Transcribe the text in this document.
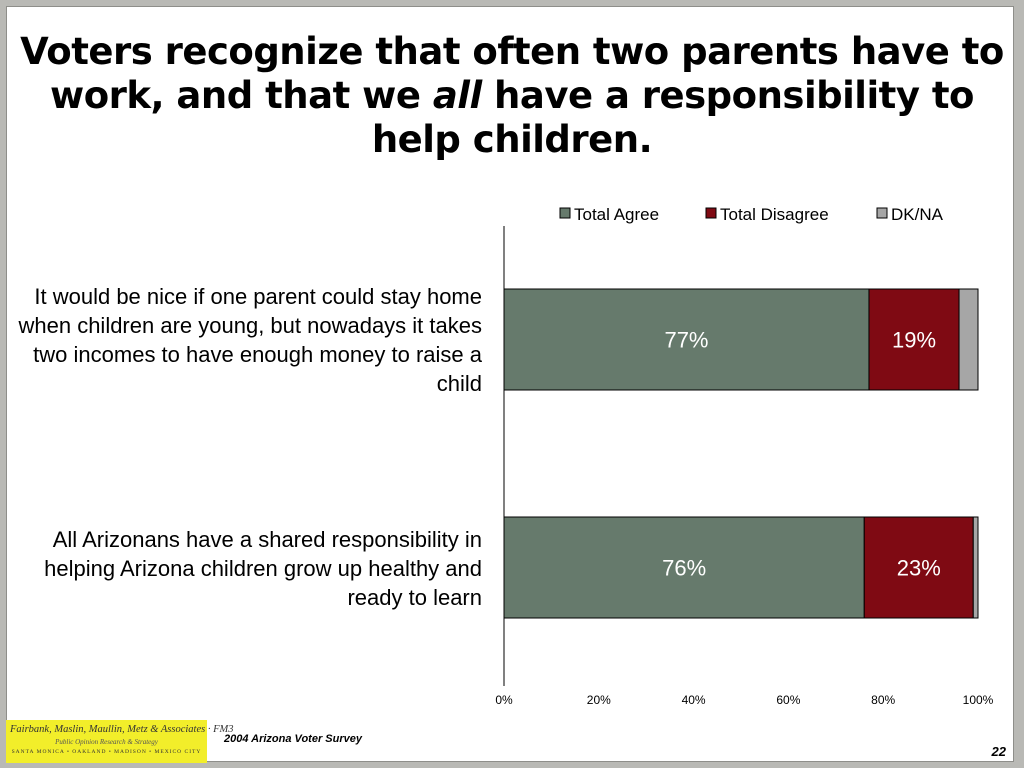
Voters recognize that often two parents have to work, and that we all have a responsibility to help children.
It would be nice if one parent could stay home when children are young, but nowadays it takes two incomes to have enough money to raise a child
All Arizonans have a shared responsibility in helping Arizona children grow up healthy and ready to learn
77%	19%
76%	23%
0%	20%	40%	60%	80%	100%
Total Agree	Total Disagree	DK/NA
Fairbank, Maslin, Maullin, Metz & Associates · FM3
Public Opinion Research & Strategy
SANTA MONICA • OAKLAND • MADISON • MEXICO CITY
2004 Arizona Voter Survey
22
